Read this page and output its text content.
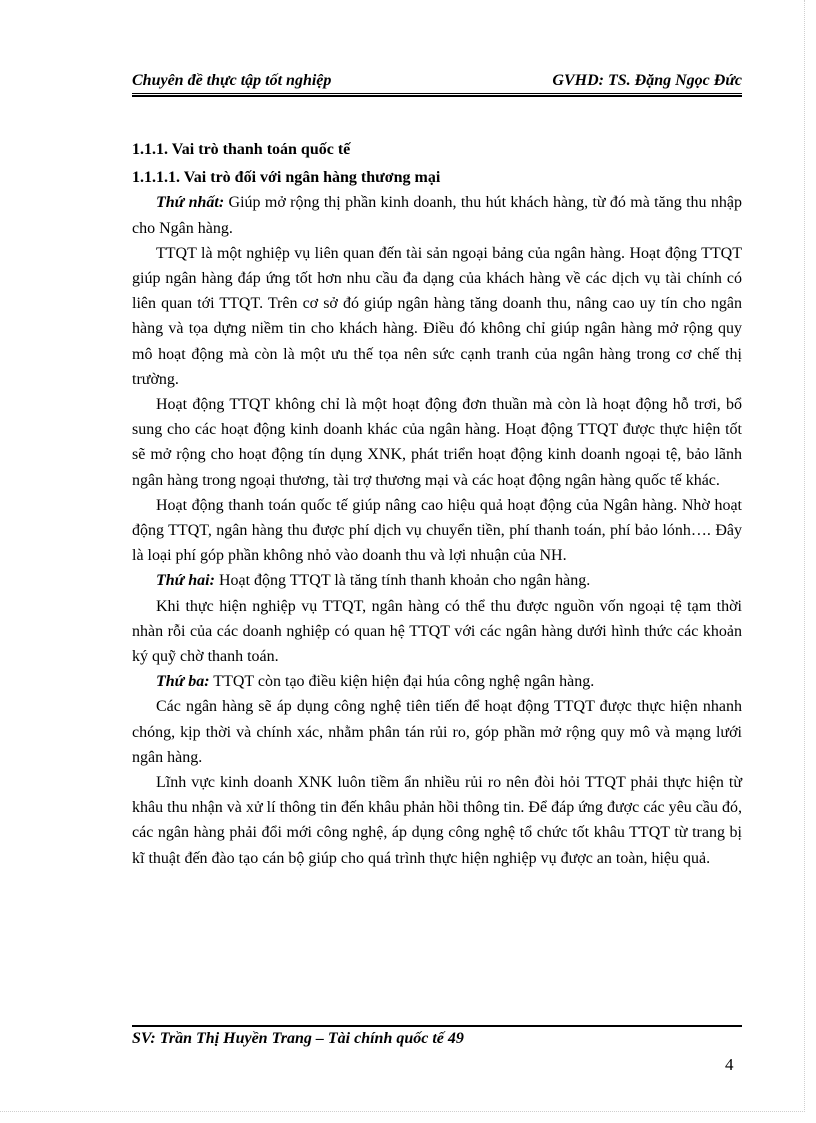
Chuyên đề thực tập tốt nghiệp	GVHD: TS. Đặng Ngọc Đức
1.1.1. Vai trò thanh toán quốc tế
1.1.1.1. Vai trò đối với ngân hàng thương mại

Thứ nhất: Giúp mở rộng thị phần kinh doanh, thu hút khách hàng, từ đó mà tăng thu nhập cho Ngân hàng.

TTQT là một nghiệp vụ liên quan đến tài sản ngoại bảng của ngân hàng. Hoạt động TTQT giúp ngân hàng đáp ứng tốt hơn nhu cầu đa dạng của khách hàng về các dịch vụ tài chính có liên quan tới TTQT. Trên cơ sở đó giúp ngân hàng tăng doanh thu, nâng cao uy tín cho ngân hàng và tọa dựng niềm tin cho khách hàng. Điều đó không chỉ giúp ngân hàng mở rộng quy mô hoạt động mà còn là một ưu thế tọa nên sức cạnh tranh của ngân hàng trong cơ chế thị trường.

Hoạt động TTQT không chỉ là một hoạt động đơn thuần mà còn là hoạt động hỗ trơi, bổ sung cho các hoạt động kinh doanh khác của ngân hàng. Hoạt động TTQT được thực hiện tốt sẽ mở rộng cho hoạt động tín dụng XNK, phát triển hoạt động kinh doanh ngoại tệ, bảo lãnh ngân hàng trong ngoại thương, tài trợ thương mại và các hoạt động ngân hàng quốc tế khác.

Hoạt động thanh toán quốc tế giúp nâng cao hiệu quả hoạt động của Ngân hàng. Nhờ hoạt động TTQT, ngân hàng thu được phí dịch vụ chuyển tiền, phí thanh toán, phí bảo lónh…. Đây là loại phí góp phần không nhỏ vào doanh thu và lợi nhuận của NH.

Thứ hai: Hoạt động TTQT là tăng tính thanh khoản cho ngân hàng.

Khi thực hiện nghiệp vụ TTQT, ngân hàng có thể thu được nguồn vốn ngoại tệ tạm thời nhàn rỗi của các doanh nghiệp có quan hệ TTQT với các ngân hàng dưới hình thức các khoản ký quỹ chờ thanh toán.

Thứ ba: TTQT còn tạo điều kiện hiện đại húa công nghệ ngân hàng.

Các ngân hàng sẽ áp dụng công nghệ tiên tiến để hoạt động TTQT được thực hiện nhanh chóng, kịp thời và chính xác, nhằm phân tán rủi ro, góp phần mở rộng quy mô và mạng lưới ngân hàng.

Lĩnh vực kinh doanh XNK luôn tiềm ẩn nhiều rủi ro nên đòi hỏi TTQT phải thực hiện từ khâu thu nhận và xử lí thông tin đến khâu phản hồi thông tin. Để đáp ứng được các yêu cầu đó, các ngân hàng phải đổi mới công nghệ, áp dụng công nghệ tổ chức tốt khâu TTQT từ trang bị kĩ thuật đến đào tạo cán bộ giúp cho quá trình thực hiện nghiệp vụ được an toàn, hiệu quả.

SV: Trần Thị Huyền Trang – Tài chính quốc tế 49
4
